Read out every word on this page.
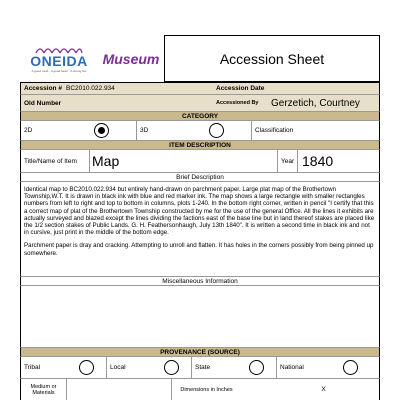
ONEIDA
A good mind · A good heart · A strong fire
Museum	Accession Sheet
Accession # BC2010.022.934	Accession Date
Old Number	Accessioned By	Gerzetich, Courtney
CATEGORY
2D	3D	Classification
ITEM DESCRIPTION
Title/Name of Item	Map	Year 1840
Brief Description

Identical map to BC2010.022.934 but entirely hand-drawn on parchment paper. Large plat map of the Brothertown Township,W.T. It is drawn in black ink with blue and red marker ink. The map shows a large rectangle with smaller rectangles numbers from left to right and top to bottom in columns, plots 1-240. In the bottom right corner, written in pencil "I certify that this a correct map of plat of the Brothertown Township constructed by me for the use of the general Office. All the lines it exhibits are actually surveyed and blazed except the lines dividing the factions east of the base line but in land thereof stakes are placed like the 1/2 section stakes of Public Lands. G. H. Feathersonhaugh, July 13th 1840". It is written a second time in black ink and not in cursive, just print in the middle of the bottom edge.

Parchment paper is dray and cracking. Attempting to unroll and flatten. It has holes in the corners possibly from being pinned up somewhere.

Miscellaneous Information
PROVENANCE (SOURCE)
Tribal	Local	State	National
Medium or Materials	Dimensions in Inches	X
